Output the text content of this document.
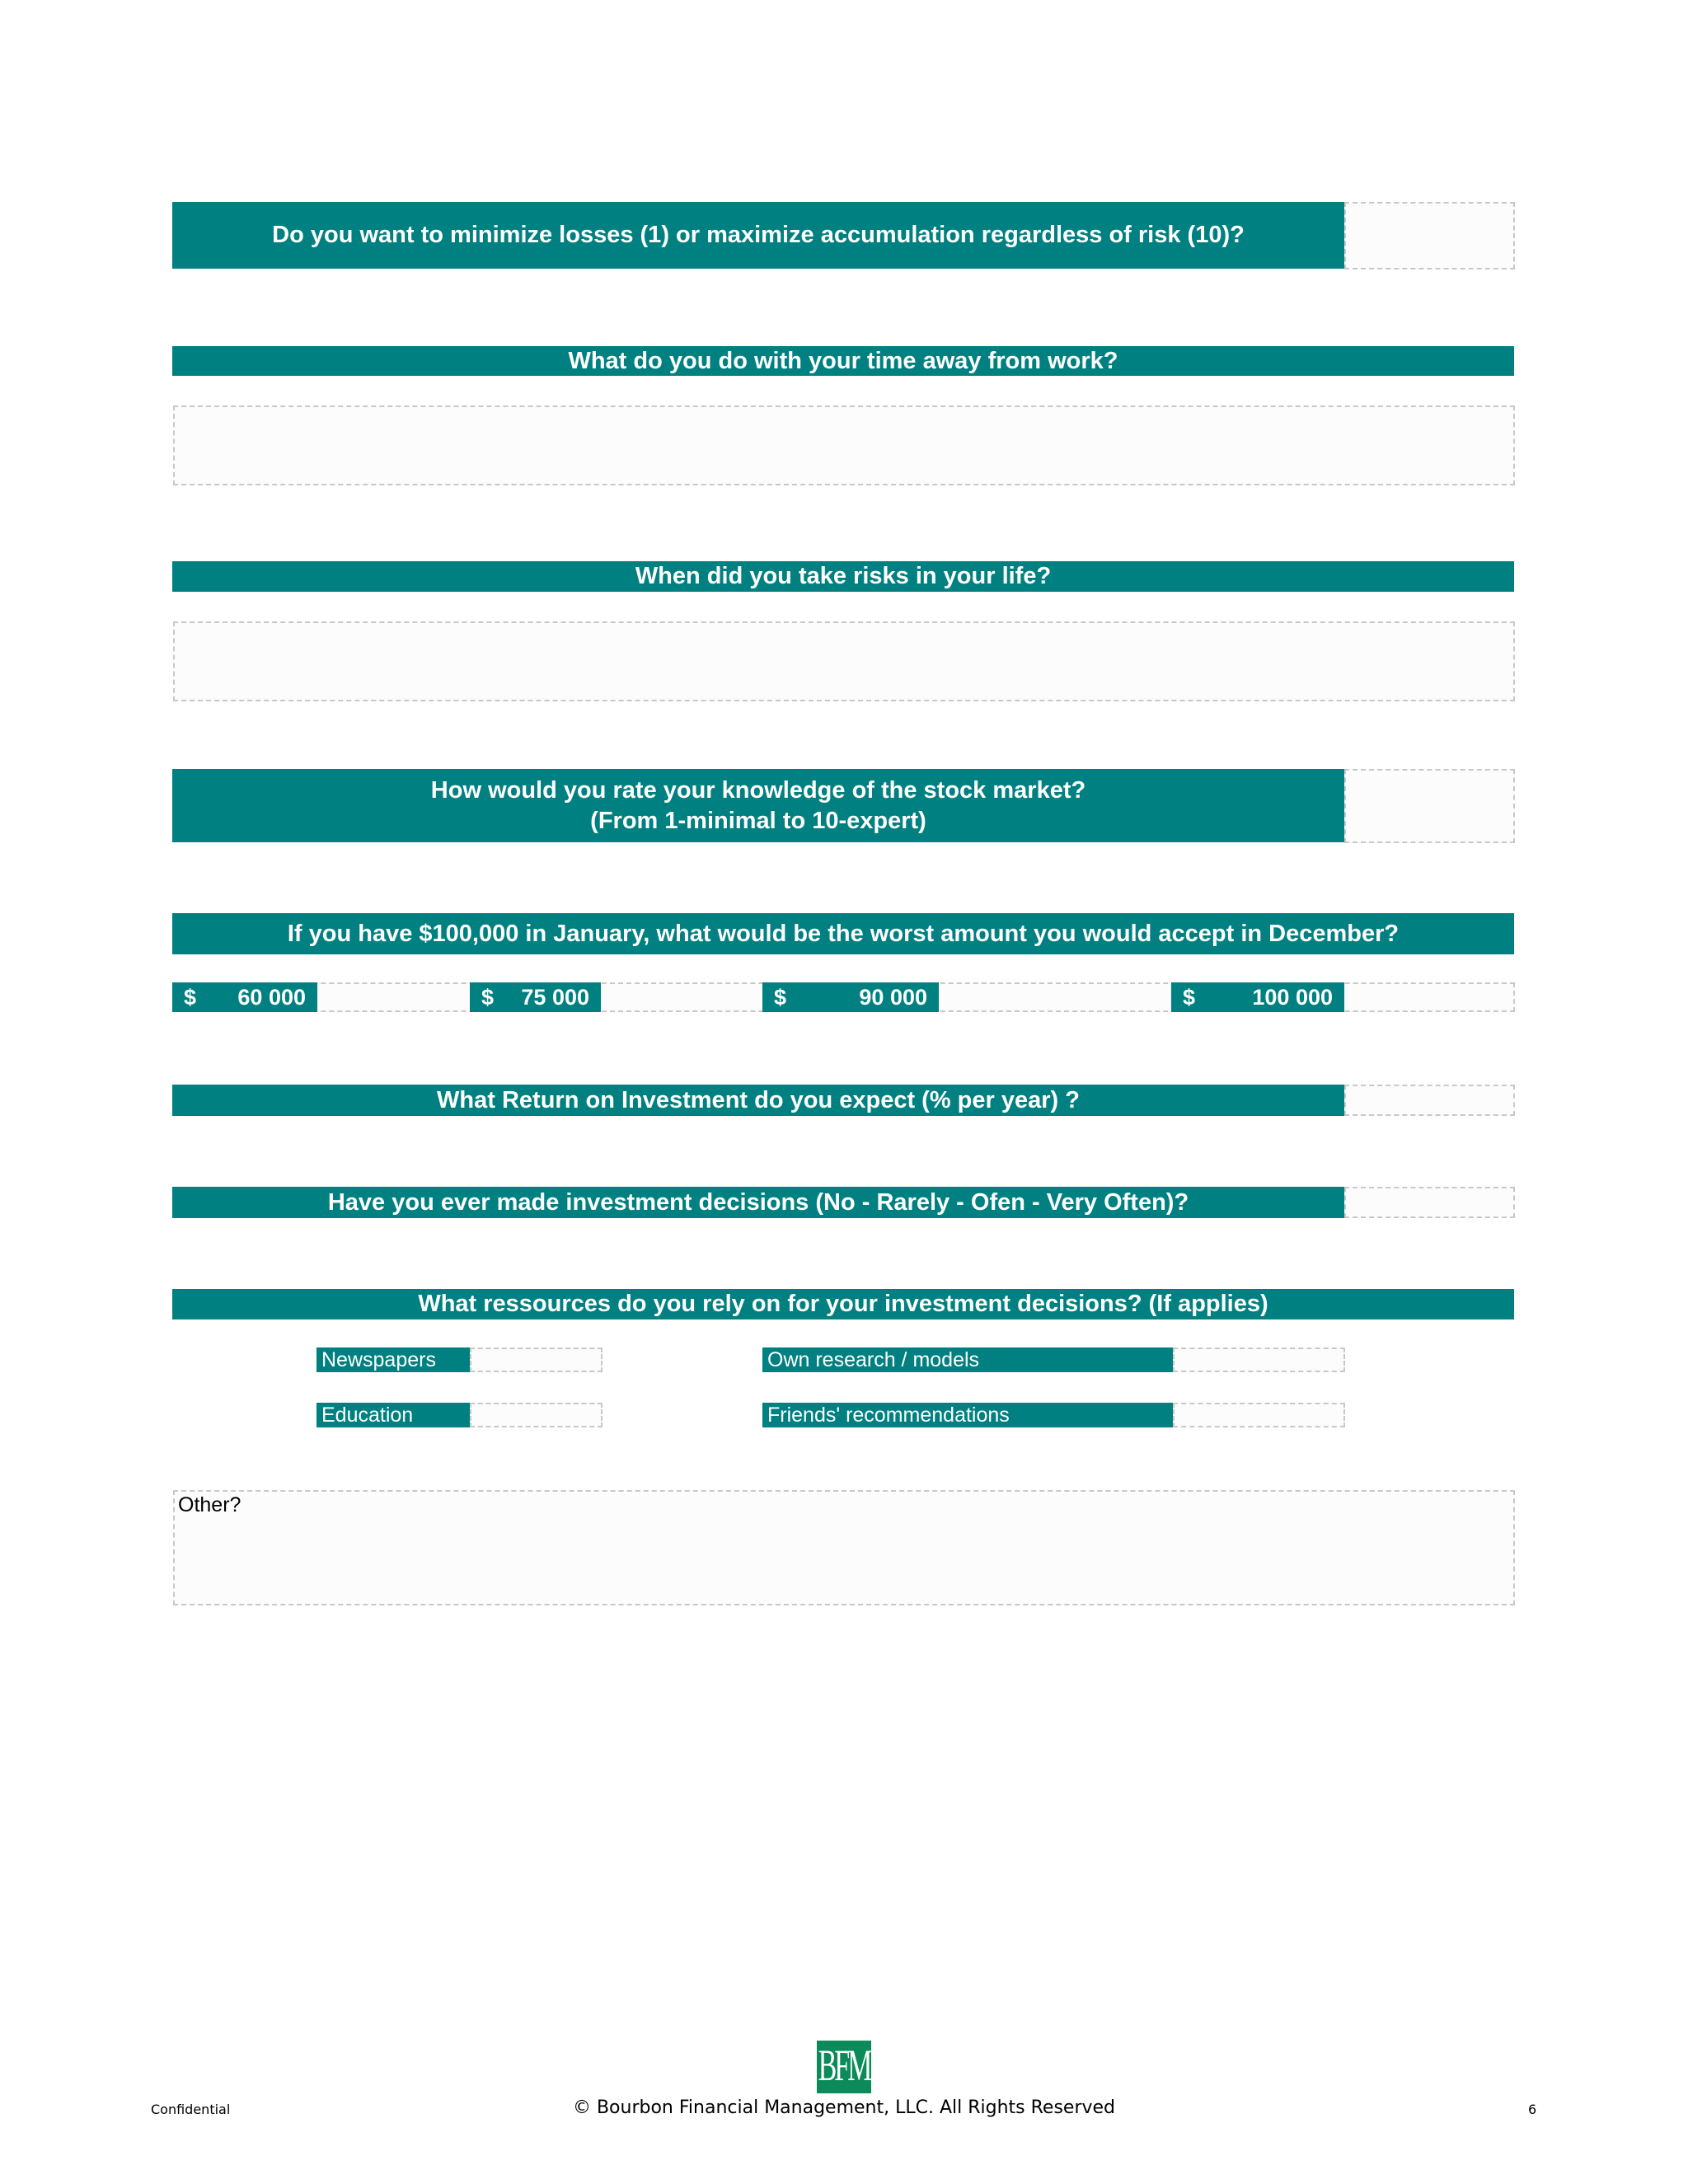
Do you want to minimize losses (1) or maximize accumulation regardless of risk (10)?
What do you do with your time away from work?
When did you take risks in your life?
How would you rate your knowledge of the stock market?
(From 1-minimal to 10-expert)
If you have $100,000 in January, what would be the worst amount you would accept in December?
$ 60 000	$ 75 000	$	90 000	$	100 000
What Return on Investment do you expect (% per year) ?
Have you ever made investment decisions (No - Rarely - Ofen - Very Often)?
What ressources do you rely on for your investment decisions? (If applies)
Newspapers	Own research / models
Education	Friends' recommendations
Other?
BFM
Confidential	© Bourbon Financial Management, LLC. All Rights Reserved	6
